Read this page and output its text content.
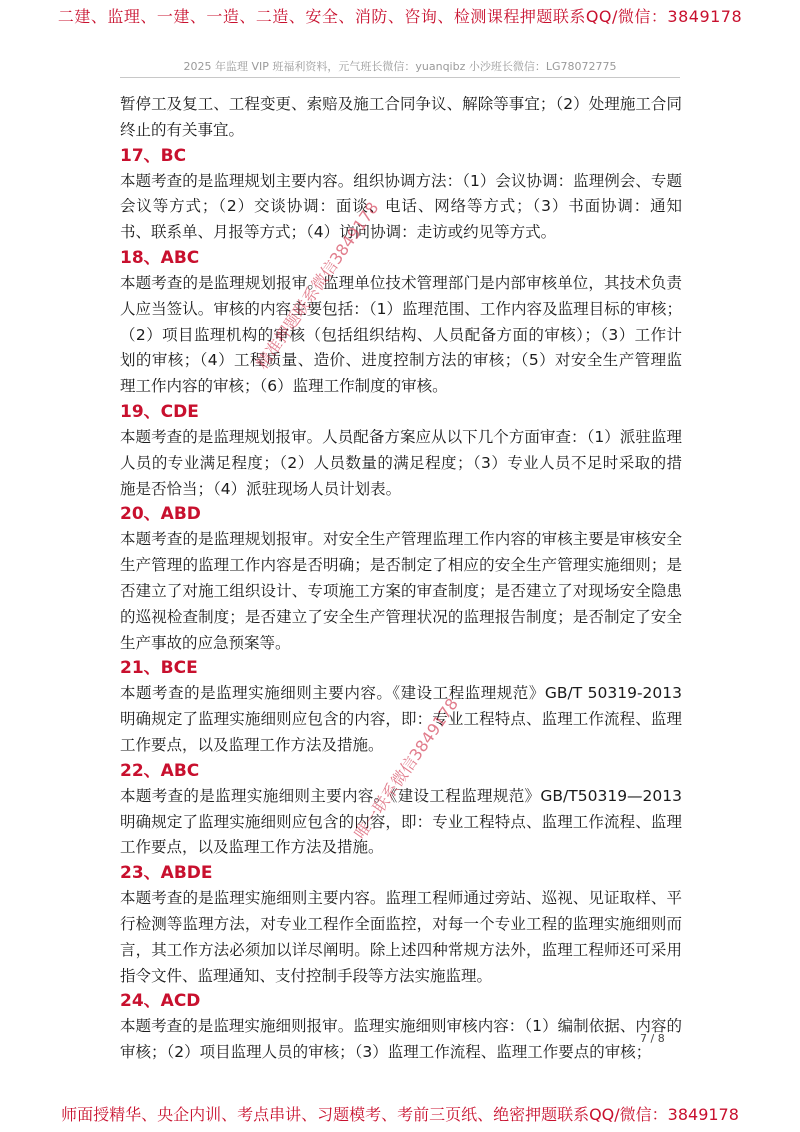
二建、监理、一建、一造、二造、安全、消防、咨询、检测课程押题联系QQ/微信：3849178
2025 年监理 VIP 班福利资料，元气班长微信：yuanqibz 小沙班长微信：LG78072775

暂停工及复工、工程变更、索赔及施工合同争议、解除等事宜；（2）处理施工合同终止的有关事宜。

17、BC

本题考查的是监理规划主要内容。组织协调方法：（1）会议协调：监理例会、专题会议等方式；（2）交谈协调：面谈、电话、网络等方式；（3）书面协调：通知书、联系单、月报等方式；（4）访问协调：走访或约见等方式。

18、ABC

本题考查的是监理规划报审。监理单位技术管理部门是内部审核单位，其技术负责人应当签认。审核的内容主要包括：（1）监理范围、工作内容及监理目标的审核；（2）项目监理机构的审核（包括组织结构、人员配备方面的审核）；（3）工作计划的审核；（4）工程质量、造价、进度控制方法的审核；（5）对安全生产管理监理工作内容的审核；（6）监理工作制度的审核。

19、CDE

本题考查的是监理规划报审。人员配备方案应从以下几个方面审查：（1）派驻监理人员的专业满足程度；（2）人员数量的满足程度；（3）专业人员不足时采取的措施是否恰当；（4）派驻现场人员计划表。

20、ABD

本题考查的是监理规划报审。对安全生产管理监理工作内容的审核主要是审核安全生产管理的监理工作内容是否明确；是否制定了相应的安全生产管理实施细则；是否建立了对施工组织设计、专项施工方案的审查制度；是否建立了对现场安全隐患的巡视检查制度；是否建立了安全生产管理状况的监理报告制度；是否制定了安全生产事故的应急预案等。

21、BCE

本题考查的是监理实施细则主要内容。《建设工程监理规范》GB/T 50319-2013 明确规定了监理实施细则应包含的内容，即：专业工程特点、监理工作流程、监理工作要点，以及监理工作方法及措施。

22、ABC

本题考查的是监理实施细则主要内容。《建设工程监理规范》GB/T50319—2013 明确规定了监理实施细则应包含的内容，即：专业工程特点、监理工作流程、监理工作要点，以及监理工作方法及措施。

23、ABDE

本题考查的是监理实施细则主要内容。监理工程师通过旁站、巡视、见证取样、平行检测等监理方法，对专业工程作全面监控，对每一个专业工程的监理实施细则而言，其工作方法必须加以详尽阐明。除上述四种常规方法外，监理工程师还可采用指令文件、监理通知、支付控制手段等方法实施监理。

24、ACD

本题考查的是监理实施细则报审。监理实施细则审核内容：（1）编制依据、内容的审核；（2）项目监理人员的审核；（3）监理工作流程、监理工作要点的审核；

精准押题联系微信3849178
唯一联系微信3849178
7 / 8
师面授精华、央企内训、考点串讲、习题模考、考前三页纸、绝密押题联系QQ/微信：3849178
